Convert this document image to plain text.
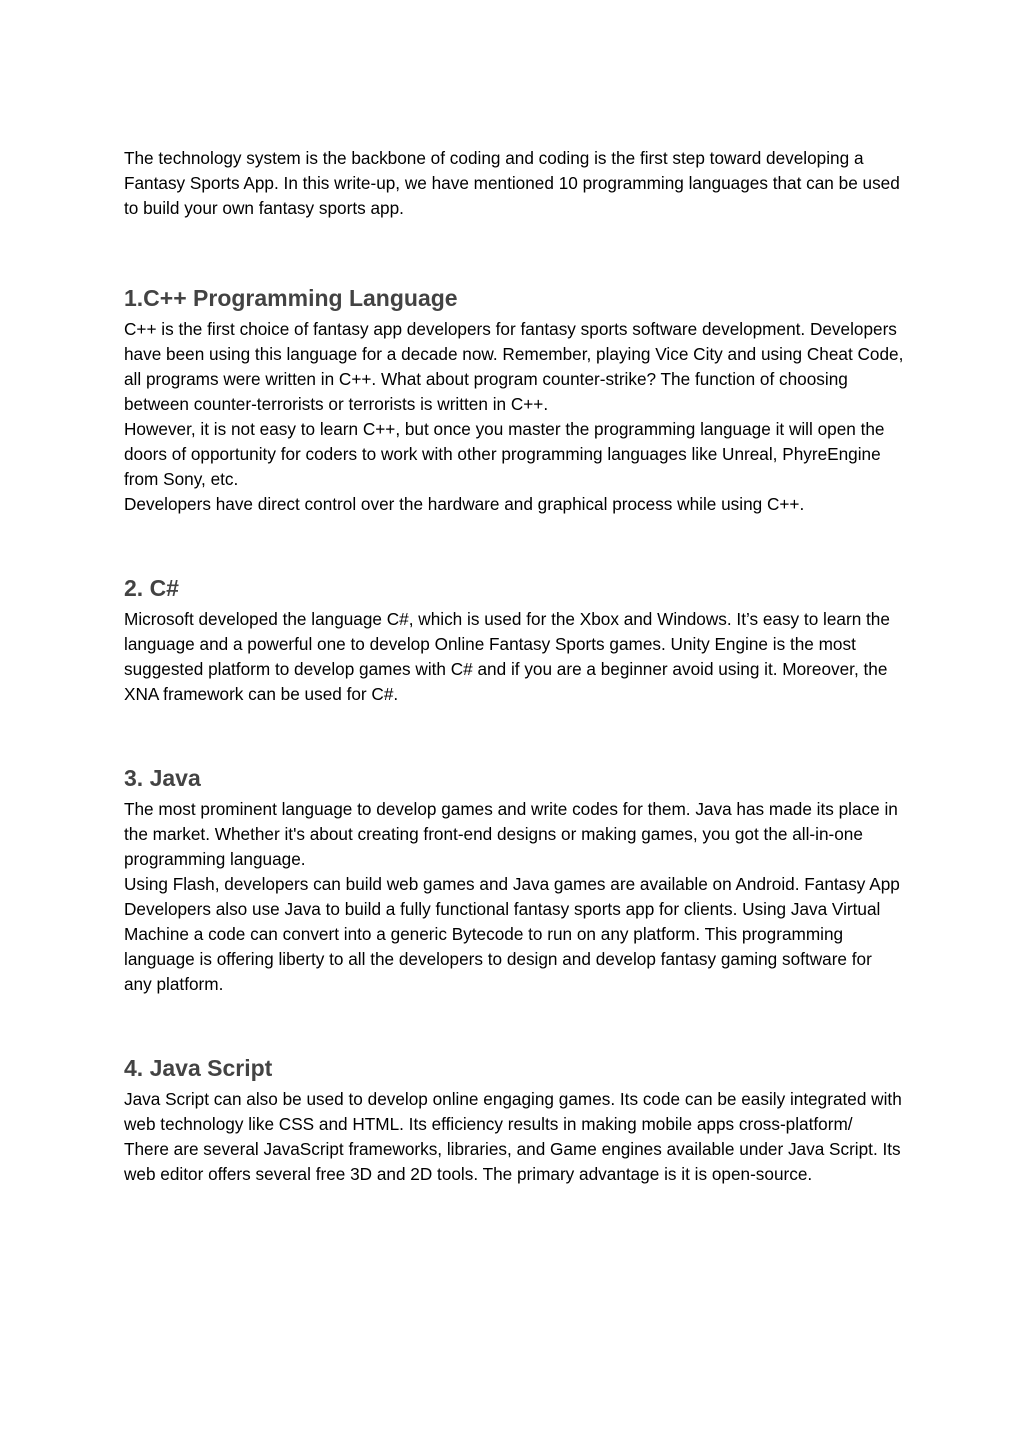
The technology system is the backbone of coding and coding is the first step toward developing a Fantasy Sports App. In this write-up, we have mentioned 10 programming languages that can be used to build your own fantasy sports app.

1.C++ Programming Language

C++ is the first choice of fantasy app developers for fantasy sports software development. Developers have been using this language for a decade now. Remember, playing Vice City and using Cheat Code, all programs were written in C++. What about program counter-strike? The function of choosing between counter-terrorists or terrorists is written in C++.

However, it is not easy to learn C++, but once you master the programming language it will open the doors of opportunity for coders to work with other programming languages like Unreal, PhyreEngine from Sony, etc.

Developers have direct control over the hardware and graphical process while using C++.

2. C#

Microsoft developed the language C#, which is used for the Xbox and Windows. It’s easy to learn the language and a powerful one to develop Online Fantasy Sports games. Unity Engine is the most suggested platform to develop games with C# and if you are a beginner avoid using it. Moreover, the XNA framework can be used for C#.

3. Java

The most prominent language to develop games and write codes for them. Java has made its place in the market. Whether it's about creating front-end designs or making games, you got the all-in-one programming language.

Using Flash, developers can build web games and Java games are available on Android. Fantasy App Developers also use Java to build a fully functional fantasy sports app for clients. Using Java Virtual Machine a code can convert into a generic Bytecode to run on any platform. This programming language is offering liberty to all the developers to design and develop fantasy gaming software for any platform.

4. Java Script

Java Script can also be used to develop online engaging games. Its code can be easily integrated with web technology like CSS and HTML. Its efficiency results in making mobile apps cross-platform/

There are several JavaScript frameworks, libraries, and Game engines available under Java Script. Its web editor offers several free 3D and 2D tools. The primary advantage is it is open-source.
